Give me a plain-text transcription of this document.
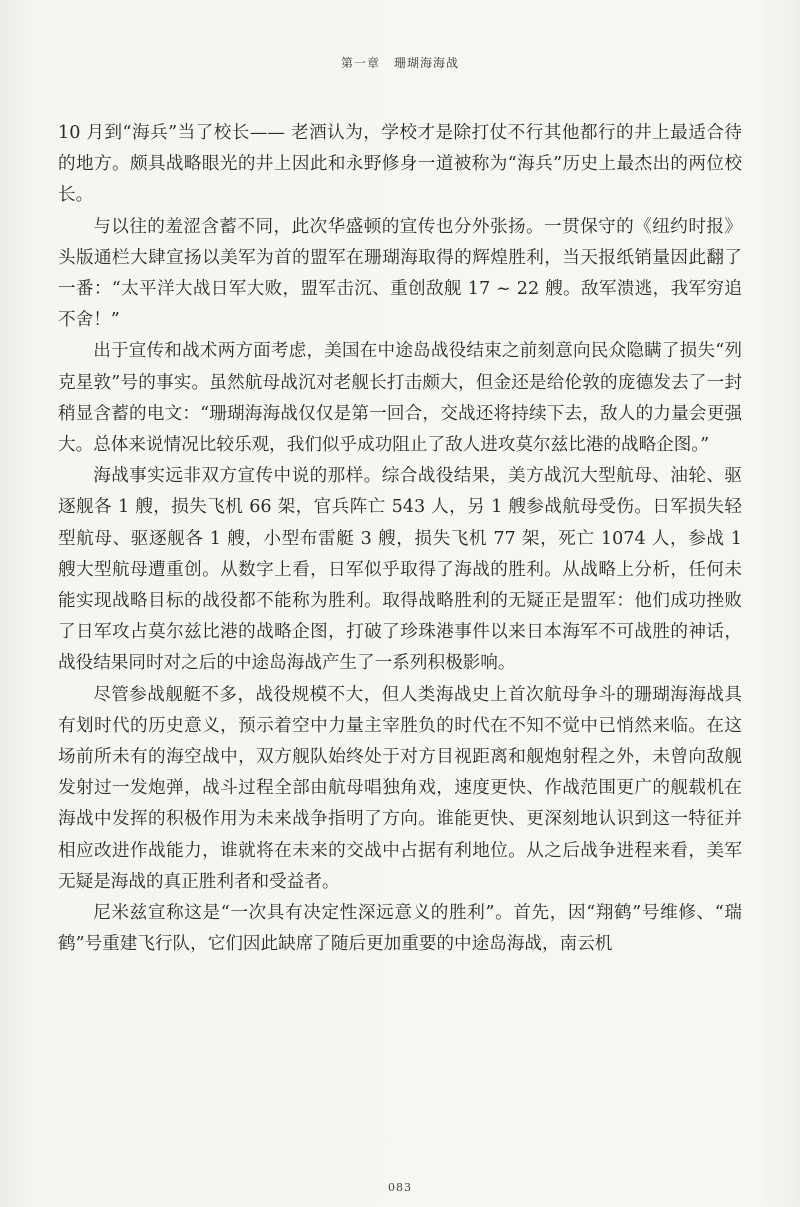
第一章 珊瑚海海战

10 月到“海兵”当了校长—— 老酒认为，学校才是除打仗不行其他都行的井上最适合待的地方。颇具战略眼光的井上因此和永野修身一道被称为“海兵”历史上最杰出的两位校长。

与以往的羞涩含蓄不同，此次华盛顿的宣传也分外张扬。一贯保守的《纽约时报》头版通栏大肆宣扬以美军为首的盟军在珊瑚海取得的辉煌胜利，当天报纸销量因此翻了一番：“太平洋大战日军大败，盟军击沉、重创敌舰 17 ~ 22 艘。敌军溃逃，我军穷追不舍！”

出于宣传和战术两方面考虑，美国在中途岛战役结束之前刻意向民众隐瞒了损失“列克星敦”号的事实。虽然航母战沉对老舰长打击颇大，但金还是给伦敦的庞德发去了一封稍显含蓄的电文：“珊瑚海海战仅仅是第一回合，交战还将持续下去，敌人的力量会更强大。总体来说情况比较乐观，我们似乎成功阻止了敌人进攻莫尔兹比港的战略企图。”

海战事实远非双方宣传中说的那样。综合战役结果，美方战沉大型航母、油轮、驱逐舰各 1 艘，损失飞机 66 架，官兵阵亡 543 人，另 1 艘参战航母受伤。日军损失轻型航母、驱逐舰各 1 艘，小型布雷艇 3 艘，损失飞机 77 架，死亡 1074 人，参战 1 艘大型航母遭重创。从数字上看，日军似乎取得了海战的胜利。从战略上分析，任何未能实现战略目标的战役都不能称为胜利。取得战略胜利的无疑正是盟军：他们成功挫败了日军攻占莫尔兹比港的战略企图，打破了珍珠港事件以来日本海军不可战胜的神话，战役结果同时对之后的中途岛海战产生了一系列积极影响。

尽管参战舰艇不多，战役规模不大，但人类海战史上首次航母争斗的珊瑚海海战具有划时代的历史意义，预示着空中力量主宰胜负的时代在不知不觉中已悄然来临。在这场前所未有的海空战中，双方舰队始终处于对方目视距离和舰炮射程之外，未曾向敌舰发射过一发炮弹，战斗过程全部由航母唱独角戏，速度更快、作战范围更广的舰载机在海战中发挥的积极作用为未来战争指明了方向。谁能更快、更深刻地认识到这一特征并相应改进作战能力，谁就将在未来的交战中占据有利地位。从之后战争进程来看，美军无疑是海战的真正胜利者和受益者。

尼米兹宣称这是“一次具有决定性深远意义的胜利”。首先，因“翔鹤”号维修、“瑞鹤”号重建飞行队，它们因此缺席了随后更加重要的中途岛海战，南云机

083
